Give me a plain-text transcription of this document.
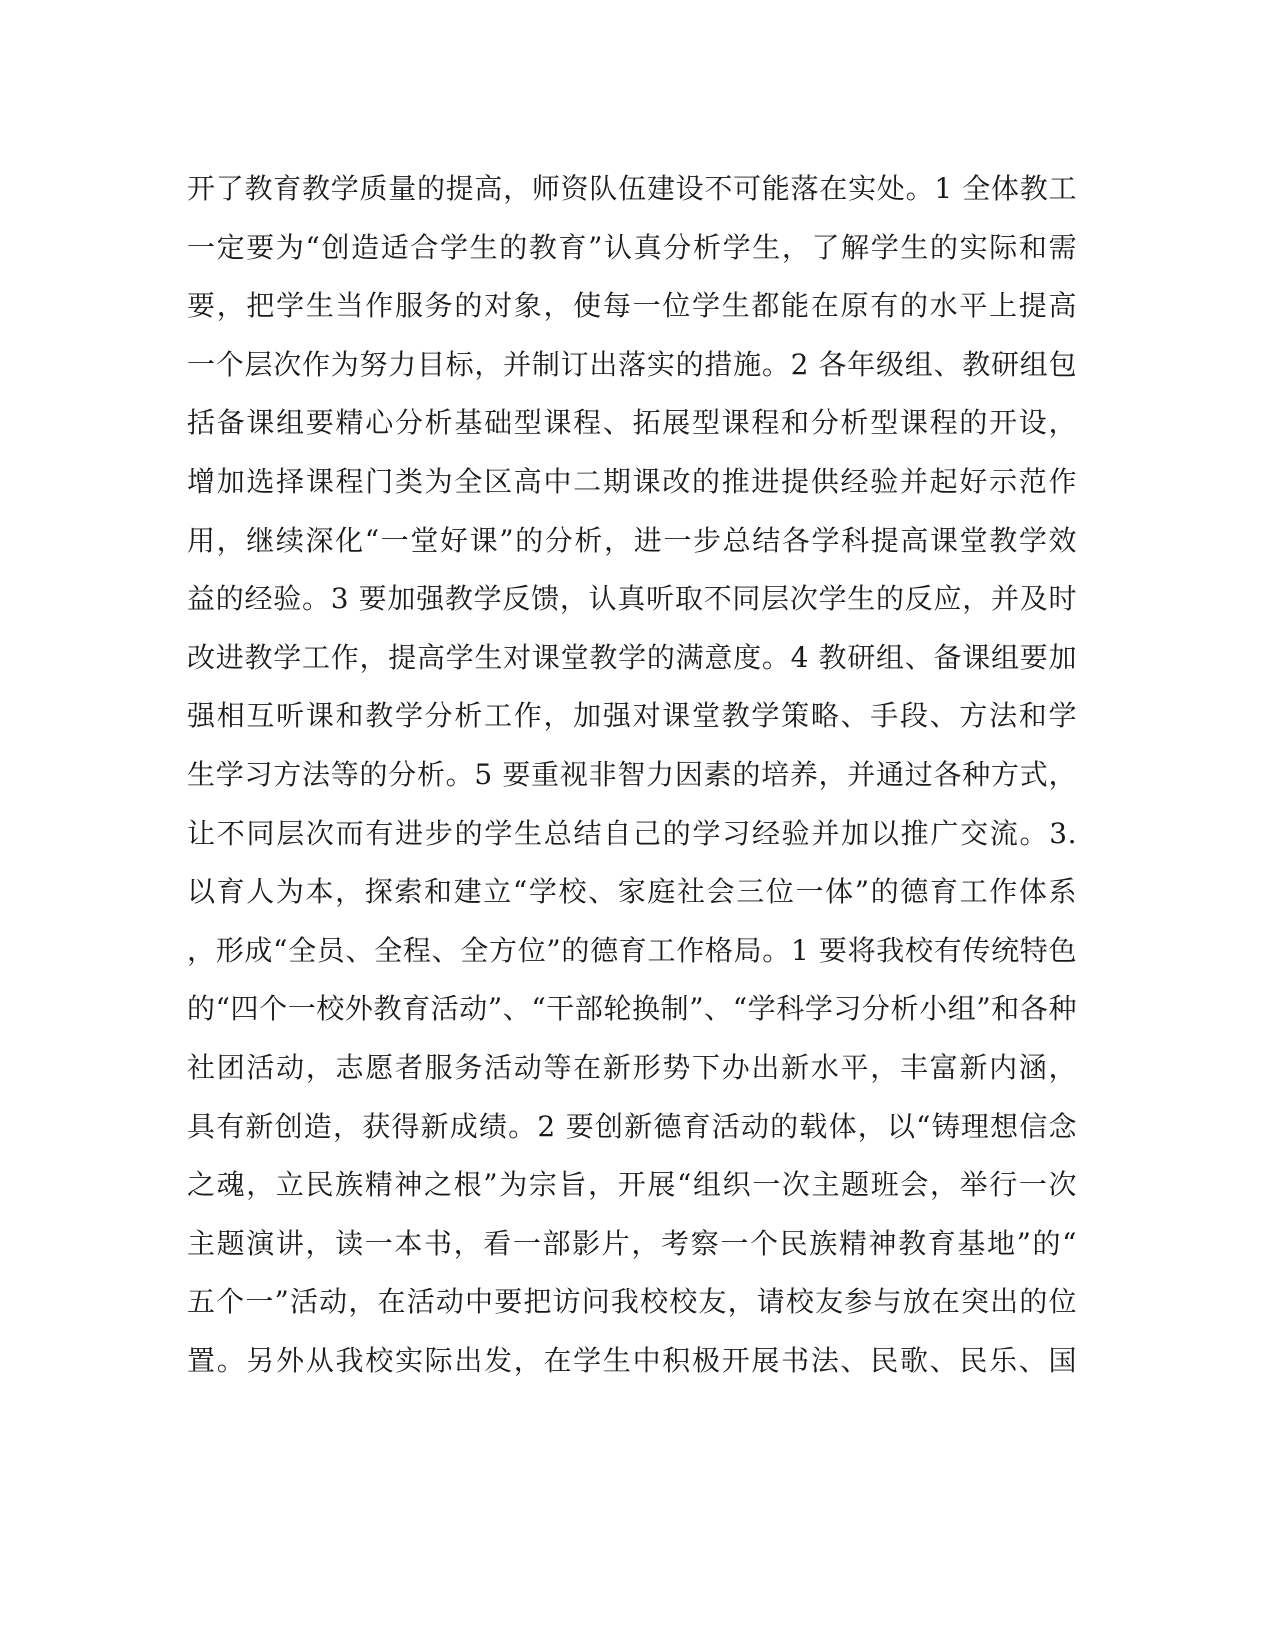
开了教育教学质量的提高，师资队伍建设不可能落在实处。1 全体教工
一定要为“创造适合学生的教育”认真分析学生，了解学生的实际和需
要，把学生当作服务的对象，使每一位学生都能在原有的水平上提高
一个层次作为努力目标，并制订出落实的措施。2 各年级组、教研组包
括备课组要精心分析基础型课程、拓展型课程和分析型课程的开设，
增加选择课程门类为全区高中二期课改的推进提供经验并起好示范作
用，继续深化“一堂好课”的分析，进一步总结各学科提高课堂教学效
益的经验。3 要加强教学反馈，认真听取不同层次学生的反应，并及时
改进教学工作，提高学生对课堂教学的满意度。4 教研组、备课组要加
强相互听课和教学分析工作，加强对课堂教学策略、手段、方法和学
生学习方法等的分析。5 要重视非智力因素的培养，并通过各种方式，
让不同层次而有进步的学生总结自己的学习经验并加以推广交流。3.
以育人为本，探索和建立“学校、家庭社会三位一体”的德育工作体系
，形成“全员、全程、全方位”的德育工作格局。1 要将我校有传统特色
的“四个一校外教育活动”、“干部轮换制”、“学科学习分析小组”和各种
社团活动，志愿者服务活动等在新形势下办出新水平，丰富新内涵，
具有新创造，获得新成绩。2 要创新德育活动的载体，以“铸理想信念
之魂，立民族精神之根”为宗旨，开展“组织一次主题班会，举行一次
主题演讲，读一本书，看一部影片，考察一个民族精神教育基地”的“
五个一”活动，在活动中要把访问我校校友，请校友参与放在突出的位
置。另外从我校实际出发，在学生中积极开展书法、民歌、民乐、国
